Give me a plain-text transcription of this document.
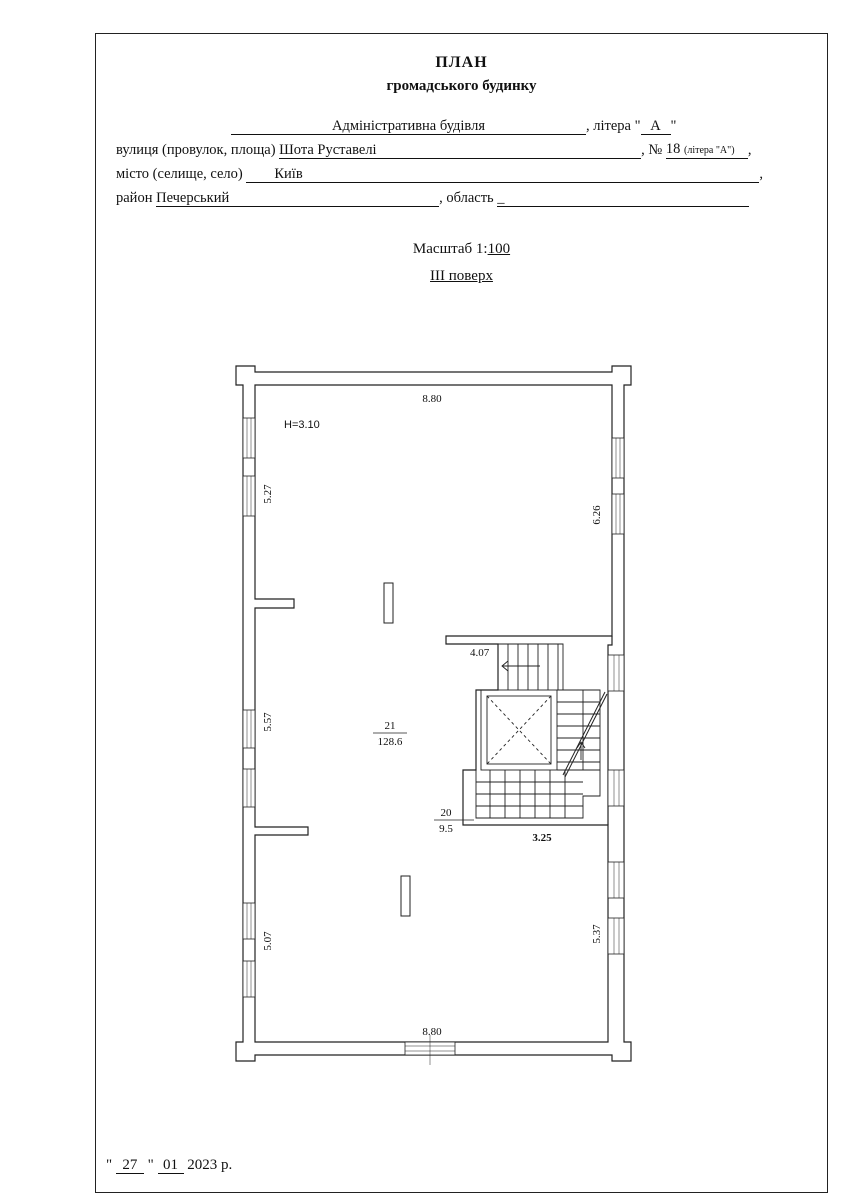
ПЛАН
громадського будинку
Адміністративна будівля	, літера " А "
вулиця (провулок, площа) Шота Руставелі	, № 18 (літера "А") ,
місто (селище, село) Київ	,
район Печерський	, область _
Масштаб 1:100
III поверх
" 27 " 01 2023 р.
8.80
8.80
H=3.10
5.27
5.57
5.07
6.26
5.37
4.07
3.25
21
128.6
20
9.5
